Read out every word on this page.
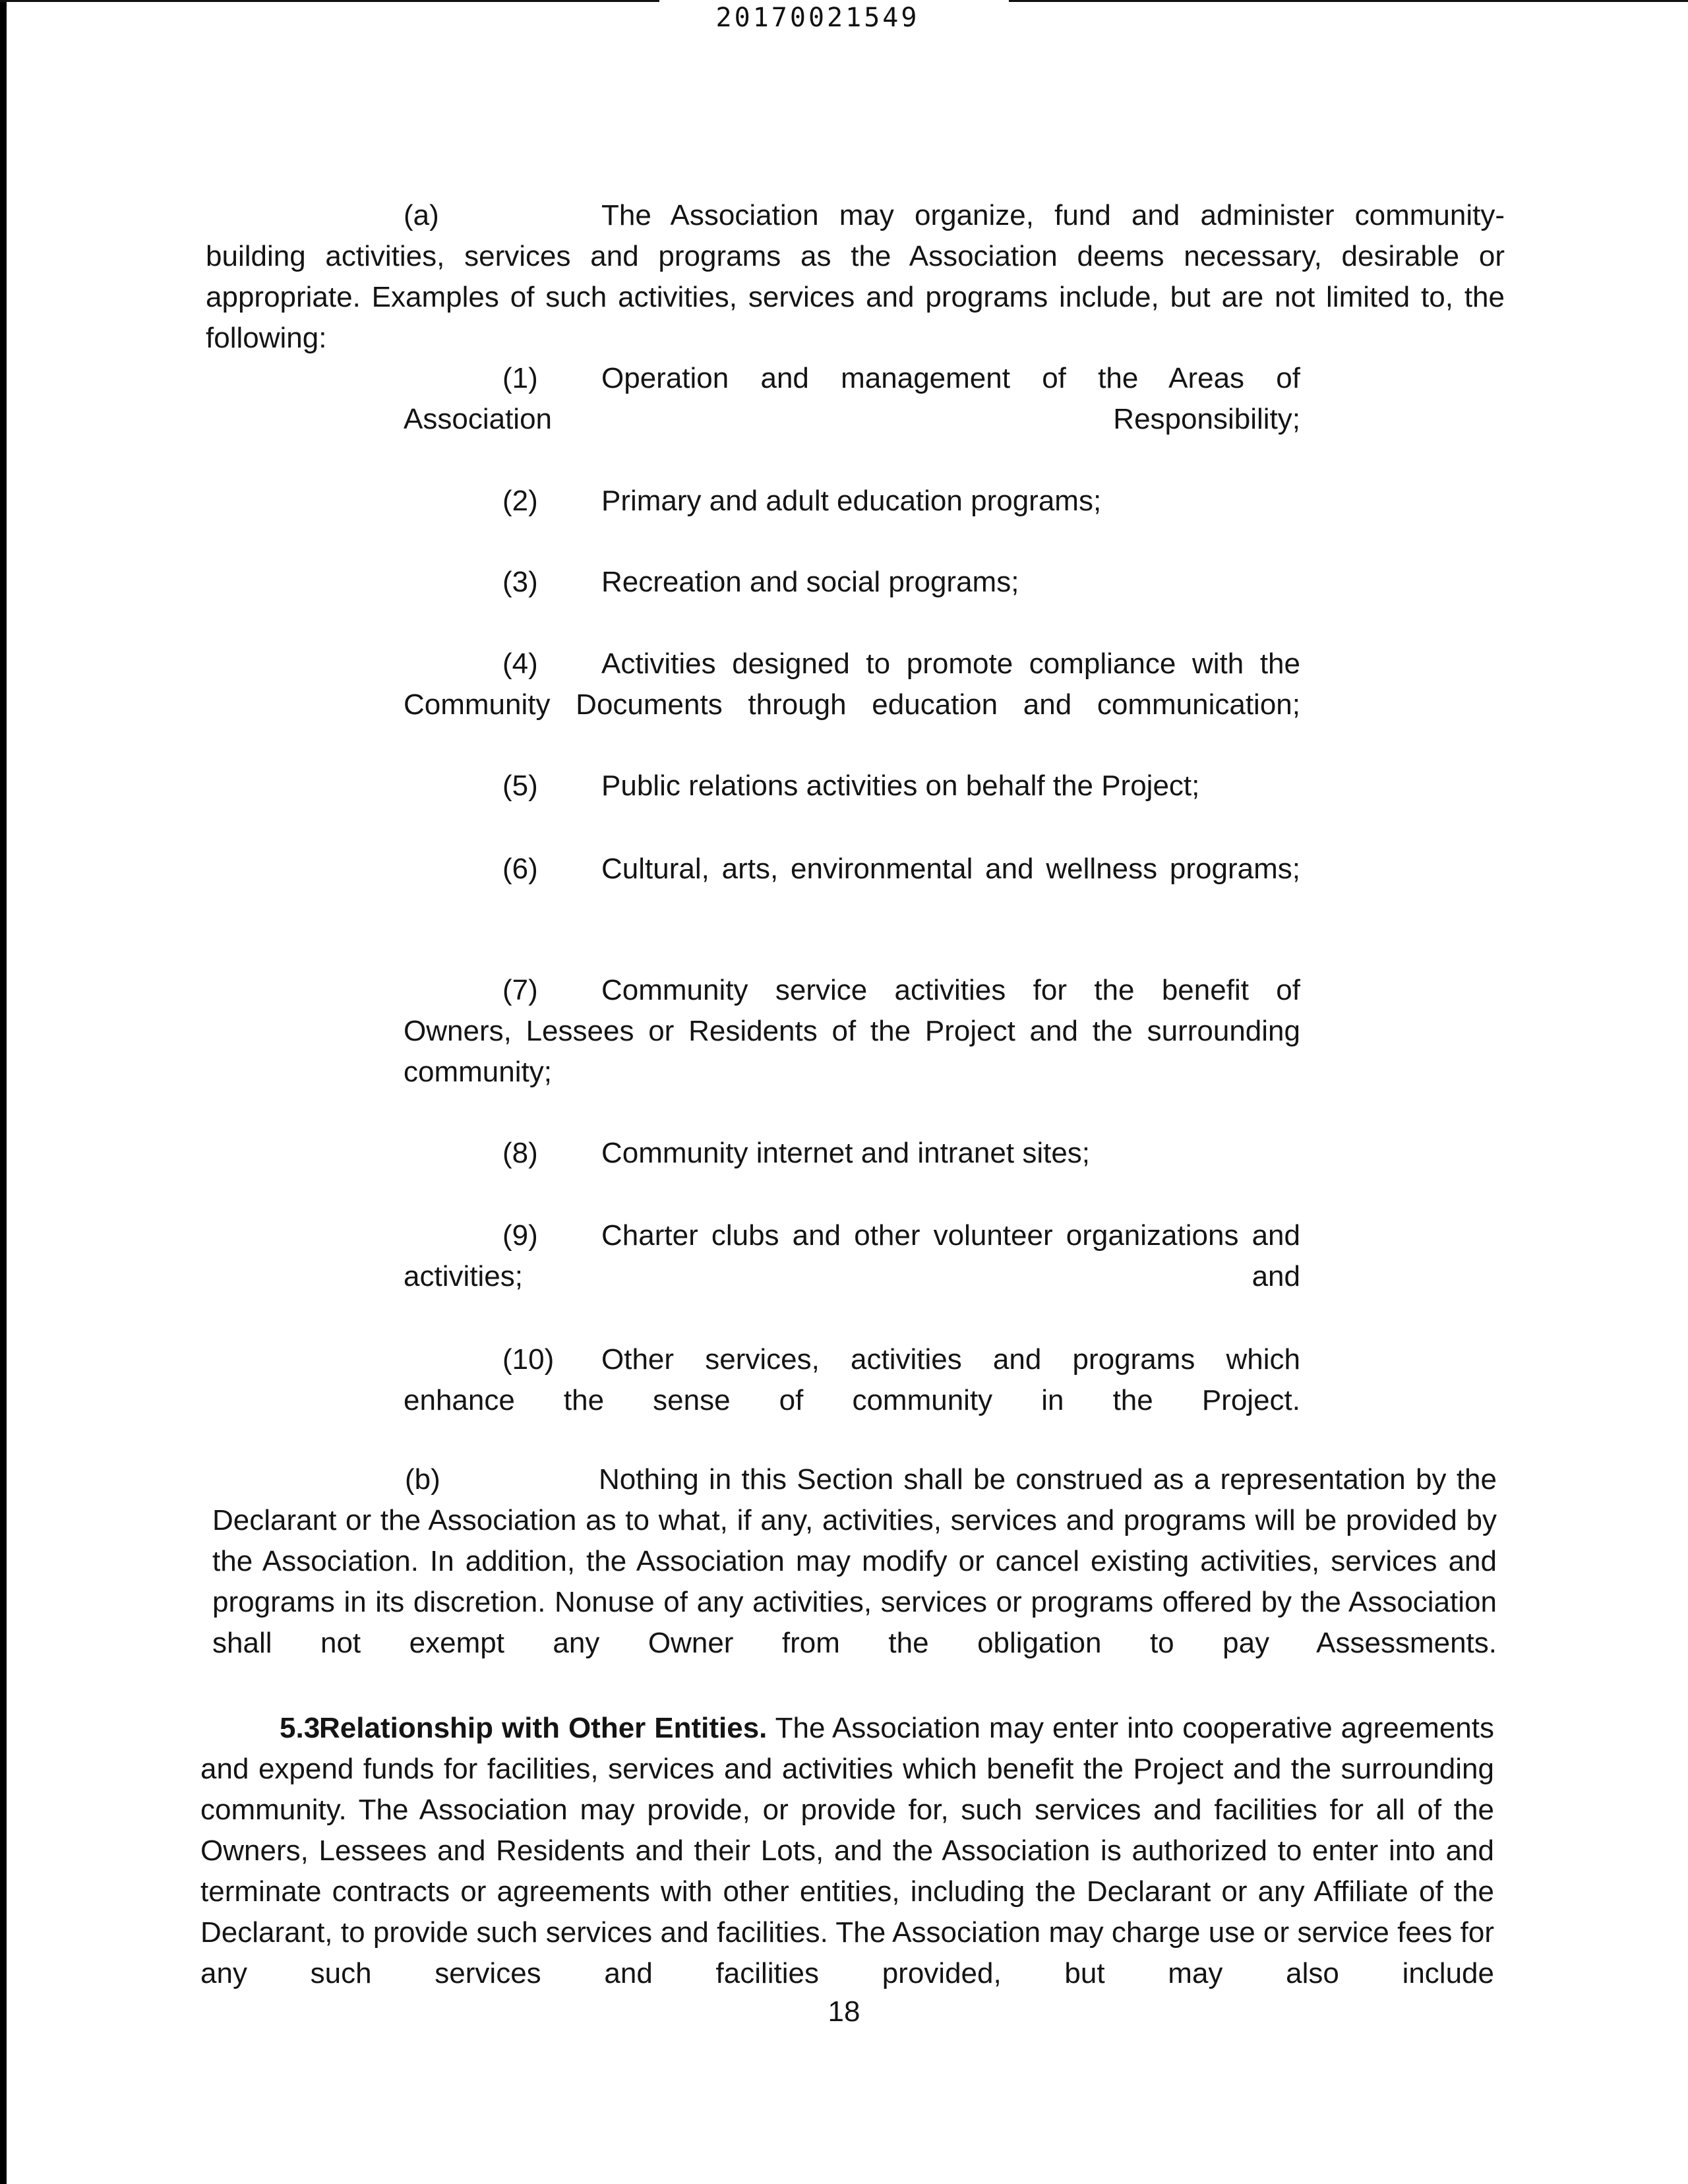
20170021549
(a)	The Association may organize, fund and administer community-building activities, services and programs as the Association deems necessary, desirable or appropriate. Examples of such activities, services and programs include, but are not limited to, the following:
(1) Operation and management of the Areas of Association Responsibility;
(2) Primary and adult education programs;
(3) Recreation and social programs;
(4) Activities designed to promote compliance with the Community Documents through education and communication;
(5) Public relations activities on behalf the Project;
(6) Cultural, arts, environmental and wellness programs;
(7) Community service activities for the benefit of Owners, Lessees or Residents of the Project and the surrounding community;
(8) Community internet and intranet sites;
(9) Charter clubs and other volunteer organizations and activities; and
(10) Other services, activities and programs which enhance the sense of community in the Project.
(b)	Nothing in this Section shall be construed as a representation by the Declarant or the Association as to what, if any, activities, services and programs will be provided by the Association. In addition, the Association may modify or cancel existing activities, services and programs in its discretion. Nonuse of any activities, services or programs offered by the Association shall not exempt any Owner from the obligation to pay Assessments.
5.3Relationship with Other Entities. The Association may enter into cooperative agreements and expend funds for facilities, services and activities which benefit the Project and the surrounding community. The Association may provide, or provide for, such services and facilities for all of the Owners, Lessees and Residents and their Lots, and the Association is authorized to enter into and terminate contracts or agreements with other entities, including the Declarant or any Affiliate of the Declarant, to provide such services and facilities. The Association may charge use or service fees for any such services and facilities provided, but may also include
18
